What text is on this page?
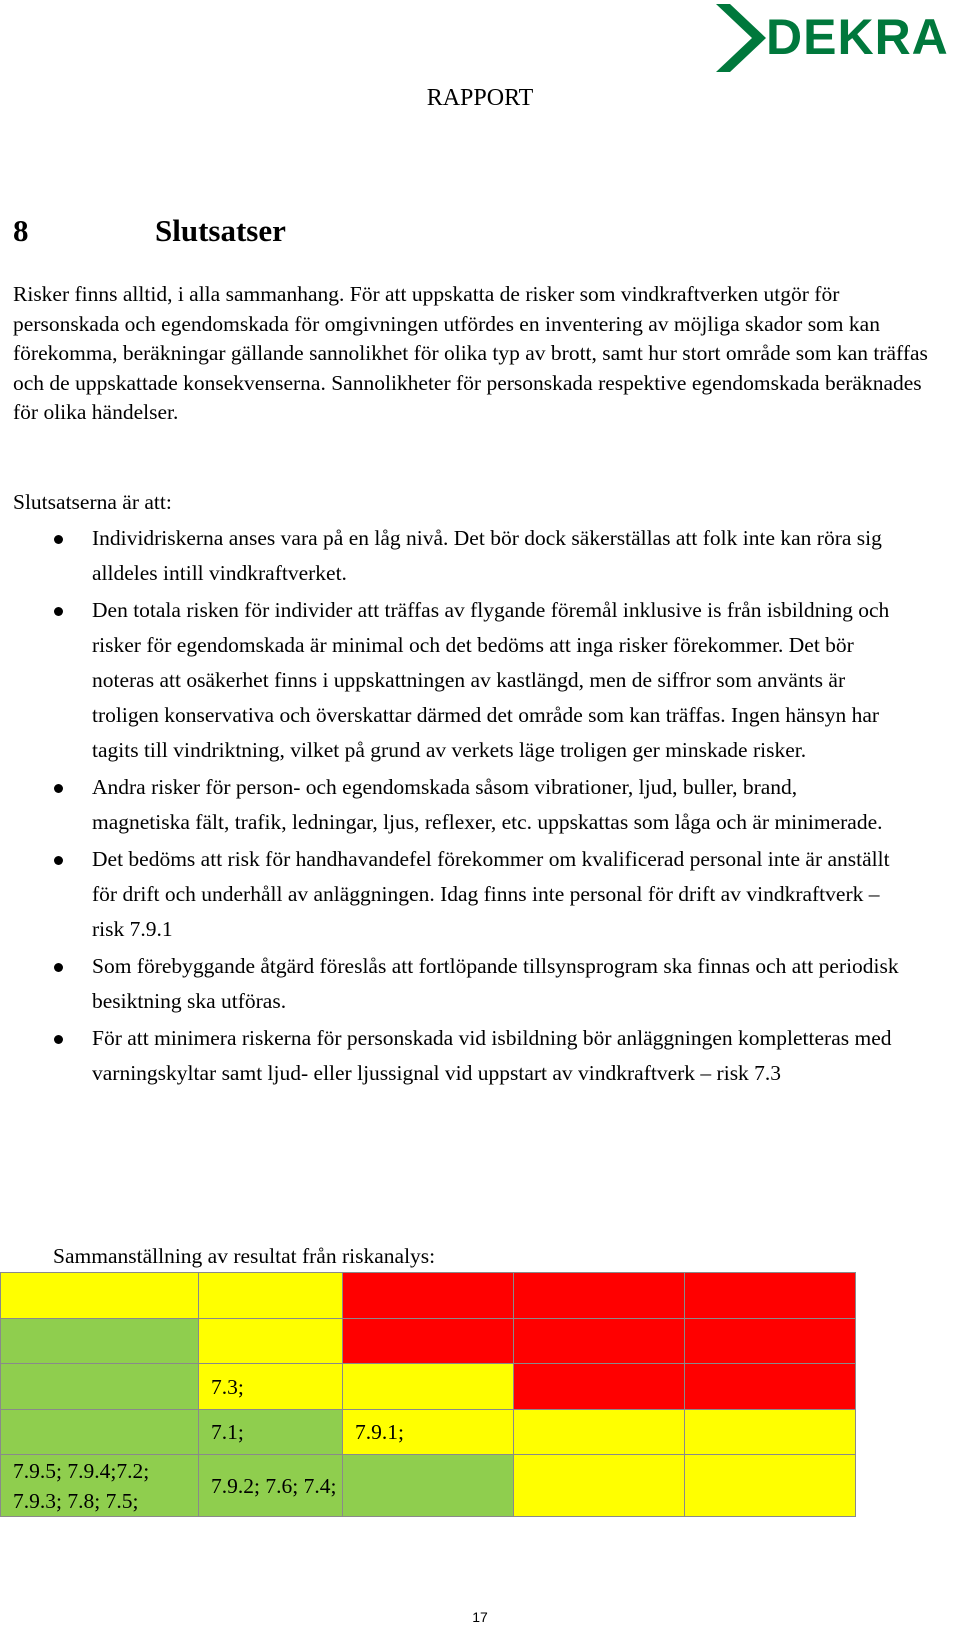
DEKRA
RAPPORT
8	Slutsatser

Risker finns alltid, i alla sammanhang. För att uppskatta de risker som vindkraftverken utgör för personskada och egendomskada för omgivningen utfördes en inventering av möjliga skador som kan förekomma, beräkningar gällande sannolikhet för olika typ av brott, samt hur stort område som kan träffas och de uppskattade konsekvenserna. Sannolikheter för personskada respektive egendomskada beräknades för olika händelser.

Slutsatserna är att:
Individriskerna anses vara på en låg nivå. Det bör dock säkerställas att folk inte kan röra sig alldeles intill vindkraftverket.
Den totala risken för individer att träffas av flygande föremål inklusive is från isbildning och risker för egendomskada är minimal och det bedöms att inga risker förekommer. Det bör noteras att osäkerhet finns i uppskattningen av kastlängd, men de siffror som använts är troligen konservativa och överskattar därmed det område som kan träffas. Ingen hänsyn har tagits till vindriktning, vilket på grund av verkets läge troligen ger minskade risker.
Andra risker för person- och egendomskada såsom vibrationer, ljud, buller, brand, magnetiska fält, trafik, ledningar, ljus, reflexer, etc. uppskattas som låga och är minimerade.
Det bedöms att risk för handhavandefel förekommer om kvalificerad personal inte är anställt för drift och underhåll av anläggningen. Idag finns inte personal för drift av vindkraftverk – risk 7.9.1
Som förebyggande åtgärd föreslås att fortlöpande tillsynsprogram ska finnas och att periodisk besiktning ska utföras.
För att minimera riskerna för personskada vid isbildning bör anläggningen kompletteras med varningskyltar samt ljud- eller ljussignal vid uppstart av vindkraftverk – risk 7.3
Sammanställning av resultat från riskanalys:

	7.3;			
	7.1;	7.9.1;		
7.9.5; 7.9.4;7.2; 7.9.3; 7.8; 7.5;	7.9.2; 7.6; 7.4;			
17
